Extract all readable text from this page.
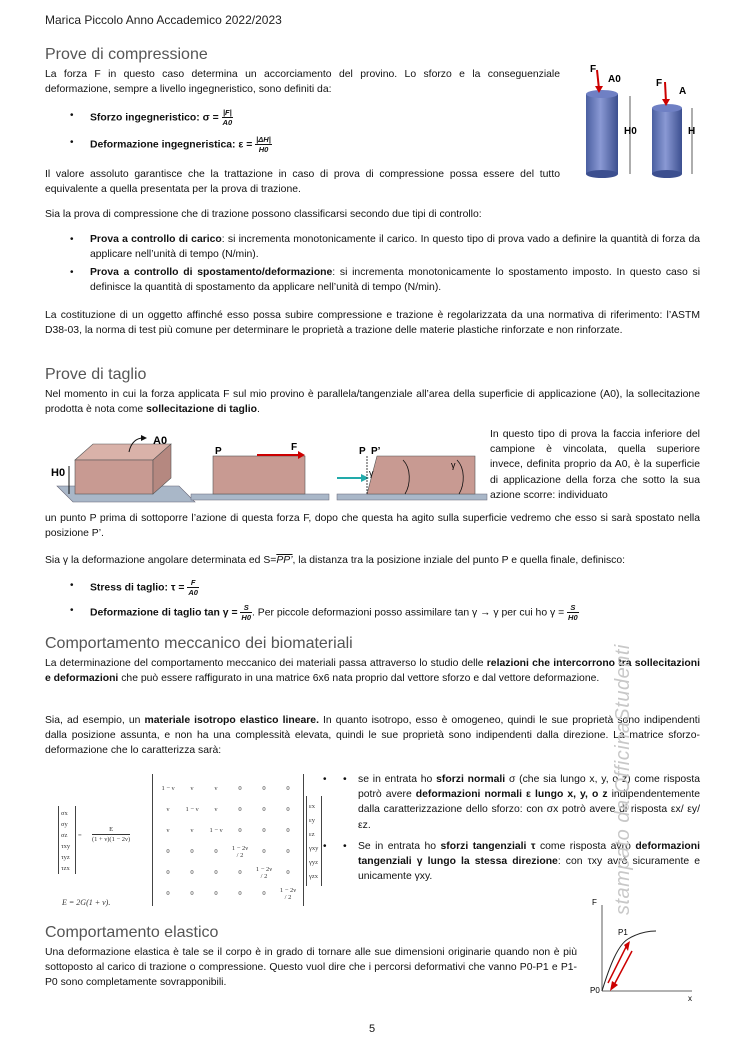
Marica Piccolo Anno Accademico 2022/2023
Prove di compressione
La forza F in questo caso determina un accorciamento del provino. Lo sforzo e la conseguenziale deformazione, sempre a livello ingegneristico, sono definiti da:
• Sforzo ingegneristico: $\sigma = \frac{|F|}{A0}$
• Deformazione ingegneristica: $\varepsilon = \frac{|\Delta H|}{H0}$
Il valore assoluto garantisce che la trattazione in caso di prova di compressione possa essere del tutto equivalente a quella presentata per la prova di trazione.
Sia la prova di compressione che di trazione possono classificarsi secondo due tipi di controllo:
• Prova a controllo di carico: si incrementa monotonicamente il carico. In questo tipo di prova vado a definire la quantità di forza da applicare nell’unità di tempo (N/min).
• Prova a controllo di spostamento/deformazione: si incrementa monotonicamente lo spostamento imposto. In questo caso si definisce la quantità di spostamento da applicare nell’unità di tempo (N/min).
La costituzione di un oggetto affinché esso possa subire compressione e trazione è regolarizzata da una normativa di riferimento: l’ASTM D38-03, la norma di test più comune per determinare le proprietà a trazione delle materie plastiche rinforzate e non rinforzate.
F
A0
H0
F
A
H
Prove di taglio
Nel momento in cui la forza applicata F sul mio provino è parallela/tangenziale all’area della superficie di applicazione (A0), la sollecitazione prodotta è nota come sollecitazione di taglio.
A0
H0
P	F	P P’
γ
γ
In questo tipo di prova la faccia inferiore del campione è vincolata, quella superiore invece, definita proprio da A0, è la superficie di applicazione della forza che sotto la sua azione scorre: individuato
un punto P prima di sottoporre l’azione di questa forza F, dopo che questa ha agito sulla superficie vedremo che esso si sarà spostato nella posizione P’.
Sia γ la deformazione angolare determinata ed S=PP’, la distanza tra la posizione inziale del punto P e quella finale, definisco:
• Stress di taglio: $\tau = \frac{F}{A0}$
• Deformazione di taglio $\tan \gamma = \frac{S}{H0}$ . Per piccole deformazioni posso assimilare tan γ → γ per cui ho $\gamma = \frac{S}{H0}$
Comportamento meccanico dei biomateriali
La determinazione del comportamento meccanico dei materiali passa attraverso lo studio delle relazioni che intercorrono tra sollecitazioni e deformazioni che può essere raffigurato in una matrice 6x6 nata proprio dal vettore sforzo e dal vettore deformazione.
Sia, ad esempio, un materiale isotropo elastico lineare. In quanto isotropo, esso è omogeneo, quindi le sue proprietà sono indipendenti dalla posizione assunta, e non ha una complessità elevata, quindi le sue proprietà sono indipendenti dalla direzione. La matrice sforzo-deformazione che lo caratterizza sarà:
σx
σy
σz
τxy
τyz
τzx
=
E
(1 + ν)(1 − 2ν)
1 − ν	ν	ν	0	0	0
ν	1 − ν	ν	0	0	0
ν	ν	1 − ν	0	0	0
0	0	0	1 − 2ν / 2	0	0
0	0	0	0	1 − 2ν / 2	0
0	0	0	0	0	1 − 2ν / 2
εx
εy
εz
γxy
γyz
γzx
E = 2G(1 + ν).
• • se in entrata ho sforzi normali σ (che sia lungo x, y, o z) come risposta potrò avere deformazioni normali ε lungo x, y, o z indipendentemente dalla caratterizzazione dello sforzo: con σx potrò avere di risposta εx/ εy/ εz.
• • Se in entrata ho sforzi tangenziali τ come risposta avrò deformazioni tangenziali γ lungo la stessa direzione: con τxy avrò sicuramente e unicamente γxy.
Comportamento elastico
Una deformazione elastica è tale se il corpo è in grado di tornare alle sue dimensioni originarie quando non è più sottoposto al carico di trazione o compressione. Questo vuol dire che i percorsi deformativi che vanno P0-P1 e P1-P0 sono completamente sovrapponibili.
F
P1
P0
x
stampato da OfficinaStudenti
5
